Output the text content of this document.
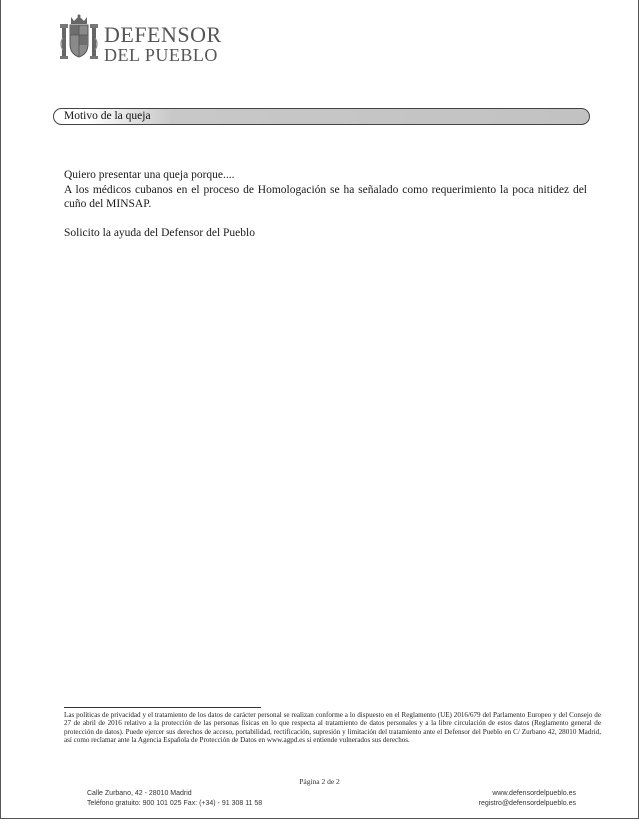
DEFENSOR
DEL PUEBLO
Motivo de la queja

Quiero presentar una queja porque....

A los médicos cubanos en el proceso de Homologación se ha señalado como requerimiento la poca nitidez del cuño del MINSAP.

Solicito la ayuda del Defensor del Pueblo

Las políticas de privacidad y el tratamiento de los datos de carácter personal se realizan conforme a lo dispuesto en el Reglamento (UE) 2016/679 del Parlamento Europeo y del Consejo de 27 de abril de 2016 relativo a la protección de las personas físicas en lo que respecta al tratamiento de datos personales y a la libre circulación de estos datos (Reglamento general de protección de datos). Puede ejercer sus derechos de acceso, portabilidad, rectificación, supresión y limitación del tratamiento ante el Defensor del Pueblo en C/ Zurbano 42, 28010 Madrid, así como reclamar ante la Agencia Española de Protección de Datos en www.agpd.es si entiende vulnerados sus derechos.
Página 2 de 2
Calle Zurbano, 42 - 28010 Madrid
Teléfono gratuito: 900 101 025 Fax: (+34) - 91 308 11 58
www.defensordelpueblo.es
registro@defensordelpueblo.es
